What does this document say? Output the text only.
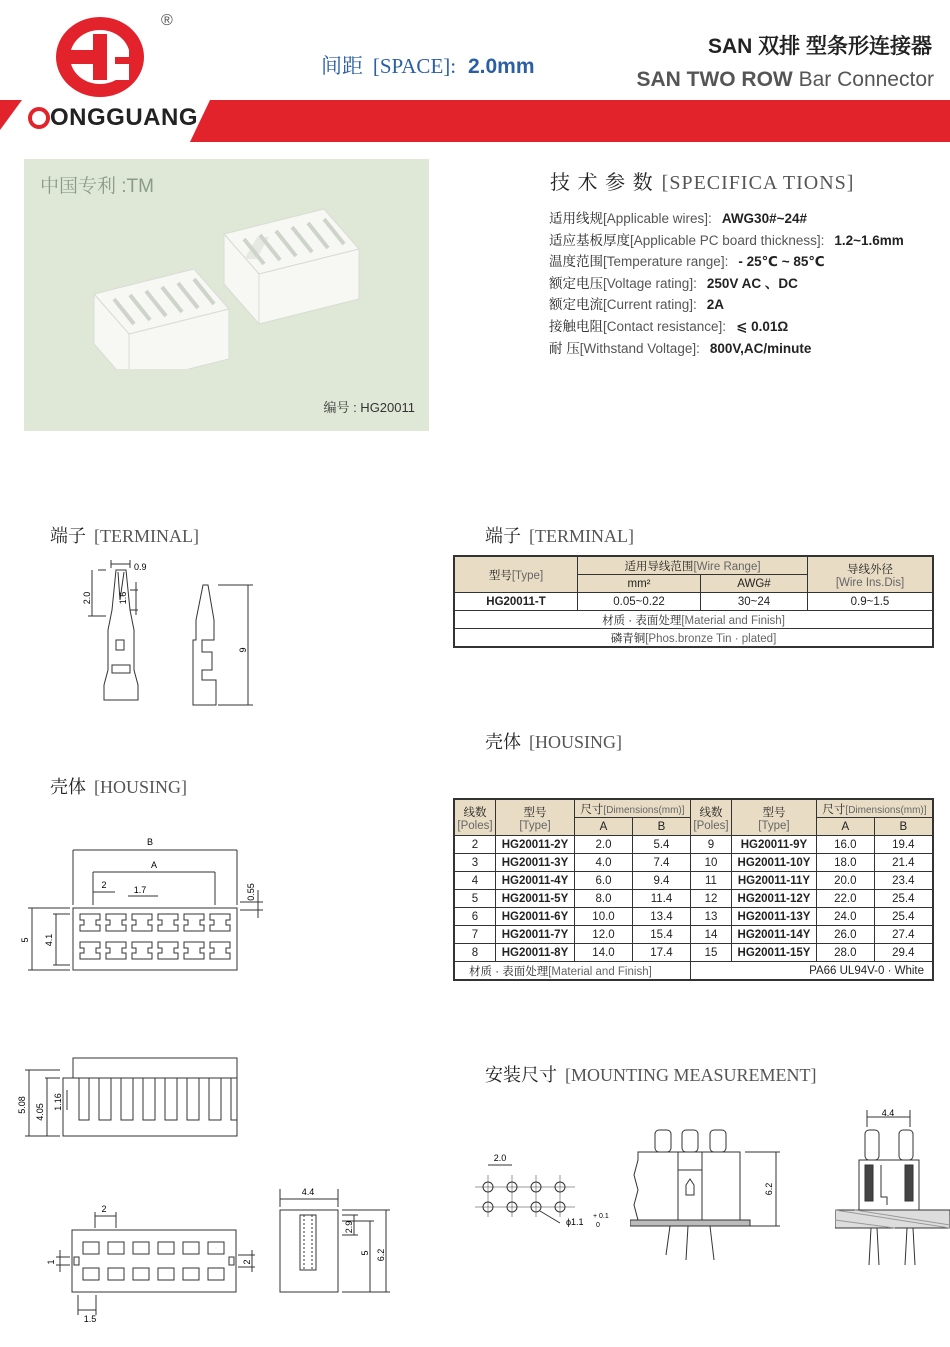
®
ONGGUANG
间距 [SPACE]: 2.0mm
SAN 双排 型条形连接器
SAN TWO ROW Bar Connector
中国专利 :TM
编号 : HG20011
技 术 参 数 [SPECIFICA TIONS]
适用线规[Applicable wires]: AWG30#~24#
适应基板厚度[Applicable PC board thickness]: 1.2~1.6mm
温度范围[Temperature range]: - 25℃ ~ 85℃
额定电压[Voltage rating]: 250V AC 、DC
额定电流[Current rating]: 2A
接触电阻[Contact resistance]: ⩽ 0.01Ω
耐 压[Withstand Voltage]: 800V,AC/minute
端子 [TERMINAL]
0.9
1.6
2.0
9
端子 [TERMINAL]
型号[Type]	适用导线范围[Wire Range]		导线外径
[Wire Ins.Dis]
	mm²	AWG#	
HG20011-T	0.05~0.22	30~24	0.9~1.5
材质 · 表面处理[Material and Finish]			
磷青铜[Phos.bronze Tin · plated]			
壳体 [HOUSING]
B
A
2	1.7	0.55
5 4.1
壳体 [HOUSING]
线数
[Poles]	型号
[Type]	尺寸[Dimensions(mm)]		线数
[Poles]	型号
[Type]	尺寸[Dimensions(mm)]	
		A	B			A	B
2	HG20011-2Y	2.0	5.4	9	HG20011-9Y	16.0	19.4
3	HG20011-3Y	4.0	7.4	10	HG20011-10Y	18.0	21.4
4	HG20011-4Y	6.0	9.4	11	HG20011-11Y	20.0	23.4
5	HG20011-5Y	8.0	11.4	12	HG20011-12Y	22.0	25.4
6	HG20011-6Y	10.0	13.4	13	HG20011-13Y	24.0	25.4
7	HG20011-7Y	12.0	15.4	14	HG20011-14Y	26.0	27.4
8	HG20011-8Y	14.0	17.4	15	HG20011-15Y	28.0	29.4
材质 · 表面处理[Material and Finish]				PA66 UL94V-0 · White			
5.08 4.05
1.16
2
1
1.5
2
4.4
2.9
5 6.2
安装尺寸 [MOUNTING MEASUREMENT]
2.0
ϕ1.1
+ 0.1
0
6.2
4.4
